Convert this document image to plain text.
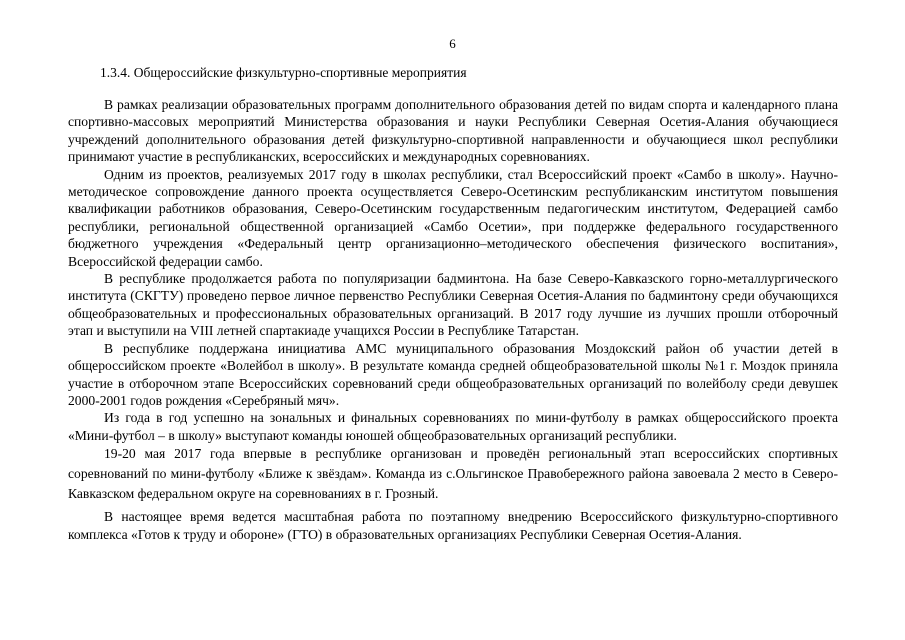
6
1.3.4. Общероссийские физкультурно-спортивные мероприятия

В рамках реализации образовательных программ дополнительного образования детей по видам спорта и календарного плана спортивно-массовых мероприятий Министерства образования и науки Республики Северная Осетия-Алания обучающиеся учреждений дополнительного образования детей физкультурно-спортивной направленности и обучающиеся школ республики принимают участие в республиканских, всероссийских и международных соревнованиях.

Одним из проектов, реализуемых 2017 году в школах республики, стал Всероссийский проект «Самбо в школу». Научно-методическое сопровождение данного проекта осуществляется Северо-Осетинским республиканским институтом повышения квалификации работников образования, Северо-Осетинским государственным педагогическим институтом, Федерацией самбо республики, региональной общественной организацией «Самбо Осетии», при поддержке федерального государственного бюджетного учреждения «Федеральный центр организационно–методического обеспечения физического воспитания», Всероссийской федерации самбо.

В республике продолжается работа по популяризации бадминтона. На базе Северо-Кавказского горно-металлургического института (СКГТУ) проведено первое личное первенство Республики Северная Осетия-Алания по бадминтону среди обучающихся общеобразовательных и профессиональных образовательных организаций. В 2017 году лучшие из лучших прошли отборочный этап и выступили на VIII летней спартакиаде учащихся России в Республике Татарстан.

В республике поддержана инициатива АМС муниципального образования Моздокский район об участии детей в общероссийском проекте «Волейбол в школу». В результате команда средней общеобразовательной школы №1 г. Моздок приняла участие в отборочном этапе Всероссийских соревнований среди общеобразовательных организаций по волейболу среди девушек 2000-2001 годов рождения «Серебряный мяч».

Из года в год успешно на зональных и финальных соревнованиях по мини-футболу в рамках общероссийского проекта «Мини-футбол – в школу» выступают команды юношей общеобразовательных организаций республики.

19-20 мая 2017 года впервые в республике организован и проведён региональный этап всероссийских спортивных соревнований по мини-футболу «Ближе к звёздам». Команда из с.Ольгинское Правобережного района завоевала 2 место в Северо-Кавказском федеральном округе на соревнованиях в г. Грозный.

В настоящее время ведется масштабная работа по поэтапному внедрению Всероссийского физкультурно-спортивного комплекса «Готов к труду и обороне» (ГТО) в образовательных организациях Республики Северная Осетия-Алания.
